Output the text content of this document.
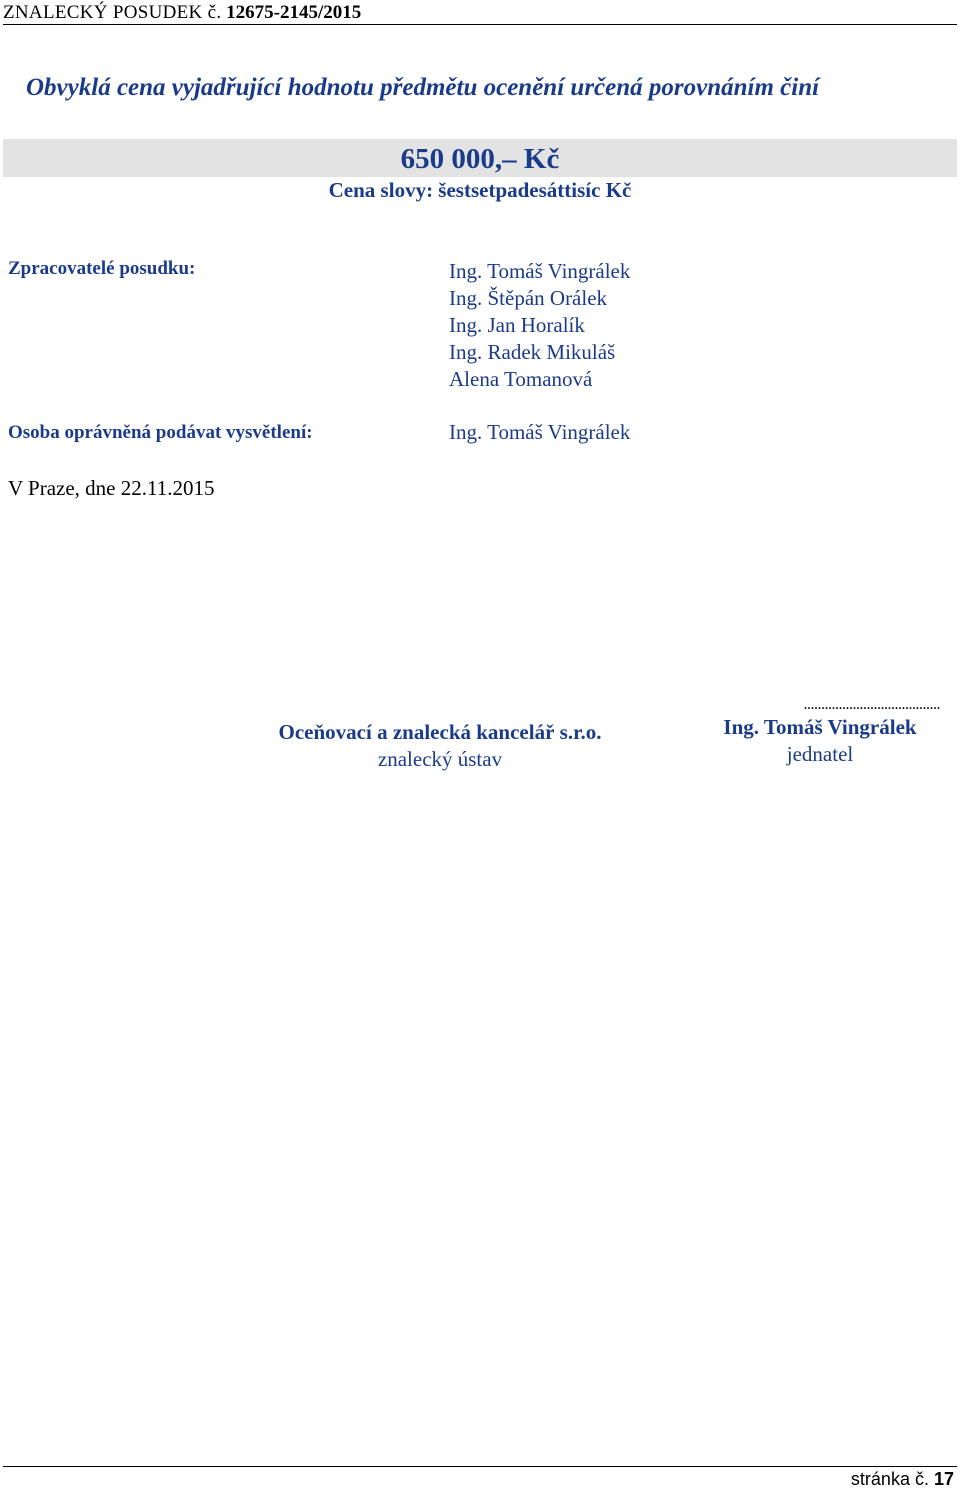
ZNALECKÝ POSUDEK č. 12675-2145/2015
Obvyklá cena vyjadřující hodnotu předmětu ocenění určená porovnáním činí
650 000,– Kč
Cena slovy: šestsetpadesáttisíc Kč
Zpracovatelé posudku:	Ing. Tomáš Vingrálek
Ing. Štěpán Orálek
Ing. Jan Horalík
Ing. Radek Mikuláš
Alena Tomanová
Osoba oprávněná podávat vysvětlení:	Ing. Tomáš Vingrálek
V Praze, dne 22.11.2015
Oceňovací a znalecká kancelář s.r.o.
znalecký ústav
.......................................
Ing. Tomáš Vingrálek
jednatel
stránka č. 17
